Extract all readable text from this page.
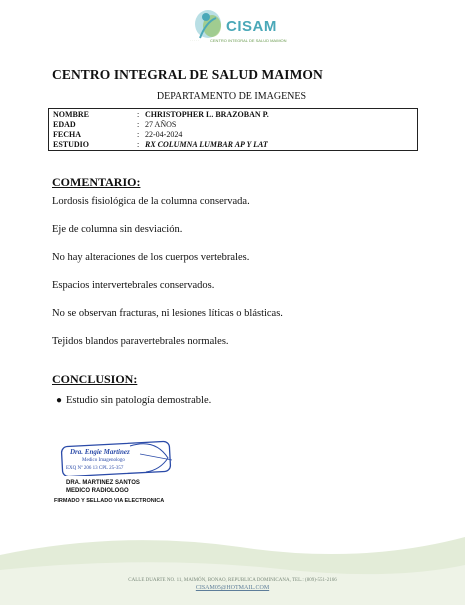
.....
CISAM
CENTRO INTEGRAL DE SALUD MAIMON
CENTRO INTEGRAL DE SALUD MAIMON
DEPARTAMENTO DE IMAGENES
NOMBRE	: CHRISTOPHER L. BRAZOBAN P.
EDAD	: 27 AÑOS
FECHA	: 22-04-2024
ESTUDIO	: RX COLUMNA LUMBAR AP Y LAT
COMENTARIO:
Lordosis fisiológica de la columna conservada.
Eje de columna sin desviación.
No hay alteraciones de los cuerpos vertebrales.
Espacios intervertebrales conservados.
No se observan fracturas, ni lesiones líticas o blásticas.
Tejidos blandos paravertebrales normales.
CONCLUSION:
● Estudio sin patología demostrable.
Dra. Engie Martinez
Medico Imagenologo
EXQ Nº 206 13 CPL 25-357
DRA. MARTINEZ SANTOS
MEDICO RADIOLOGO
FIRMADO Y SELLADO VIA ELECTRONICA
CALLE DUARTE NO. 11, MAIMÓN, BONAO, REPUBLICA DOMINICANA, TEL.: (809)-551-2166
CISAM05@HOTMAIL.COM
